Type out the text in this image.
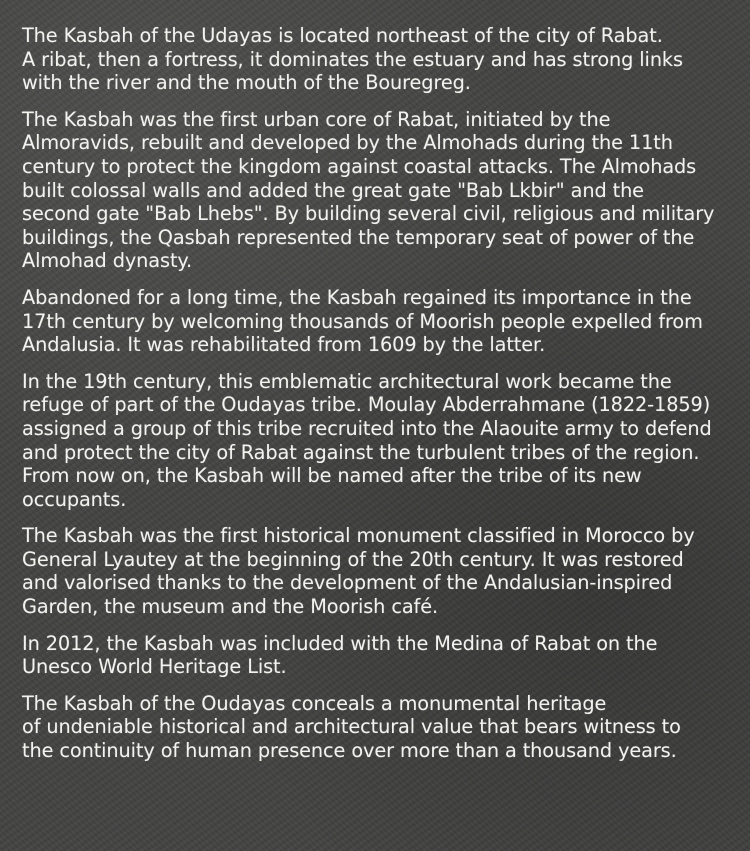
The Kasbah of the Udayas is located northeast of the city of Rabat.
A ribat, then a fortress, it dominates the estuary and has strong links
with the river and the mouth of the Bouregreg.

The Kasbah was the first urban core of Rabat, initiated by the
Almoravids, rebuilt and developed by the Almohads during the 11th
century to protect the kingdom against coastal attacks. The Almohads
built colossal walls and added the great gate "Bab Lkbir" and the
second gate "Bab Lhebs". By building several civil, religious and military
buildings, the Qasbah represented the temporary seat of power of the
Almohad dynasty.

Abandoned for a long time, the Kasbah regained its importance in the
17th century by welcoming thousands of Moorish people expelled from
Andalusia. It was rehabilitated from 1609 by the latter.

In the 19th century, this emblematic architectural work became the
refuge of part of the Oudayas tribe. Moulay Abderrahmane (1822-1859)
assigned a group of this tribe recruited into the Alaouite army to defend
and protect the city of Rabat against the turbulent tribes of the region.
From now on, the Kasbah will be named after the tribe of its new
occupants.

The Kasbah was the first historical monument classified in Morocco by
General Lyautey at the beginning of the 20th century. It was restored
and valorised thanks to the development of the Andalusian-inspired
Garden, the museum and the Moorish café.

In 2012, the Kasbah was included with the Medina of Rabat on the
Unesco World Heritage List.

The Kasbah of the Oudayas conceals a monumental heritage
of undeniable historical and architectural value that bears witness to
the continuity of human presence over more than a thousand years.
